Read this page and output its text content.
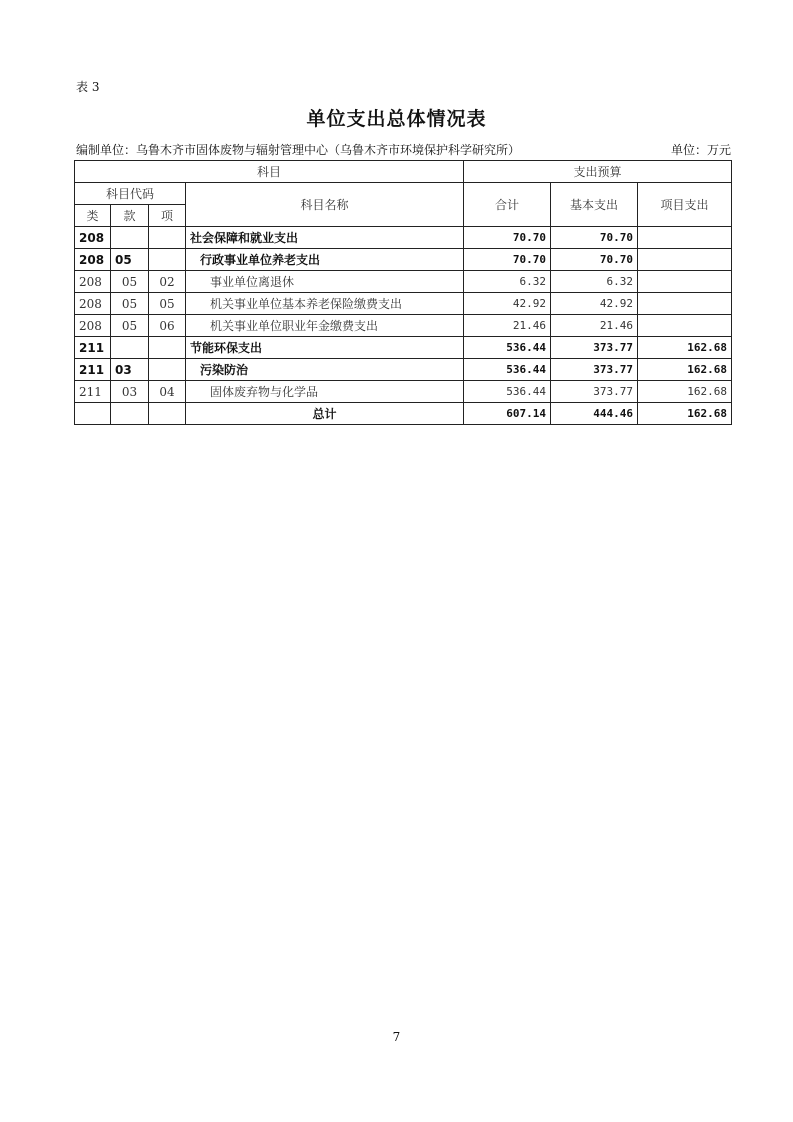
表 3
单位支出总体情况表
编制单位：乌鲁木齐市固体废物与辐射管理中心（乌鲁木齐市环境保护科学研究所）	单位：万元
科目				支出预算		
科目代码			科目名称	合计	基本支出	项目支出
类	款	项				
208			社会保障和就业支出	70.70	70.70	
208	05		行政事业单位养老支出	70.70	70.70	
208	05	02	事业单位离退休	6.32	6.32	
208	05	05	机关事业单位基本养老保险缴费支出	42.92	42.92	
208	05	06	机关事业单位职业年金缴费支出	21.46	21.46	
211			节能环保支出	536.44	373.77	162.68
211	03		污染防治	536.44	373.77	162.68
211	03	04	固体废弃物与化学品	536.44	373.77	162.68
			总计	607.14	444.46	162.68
7
